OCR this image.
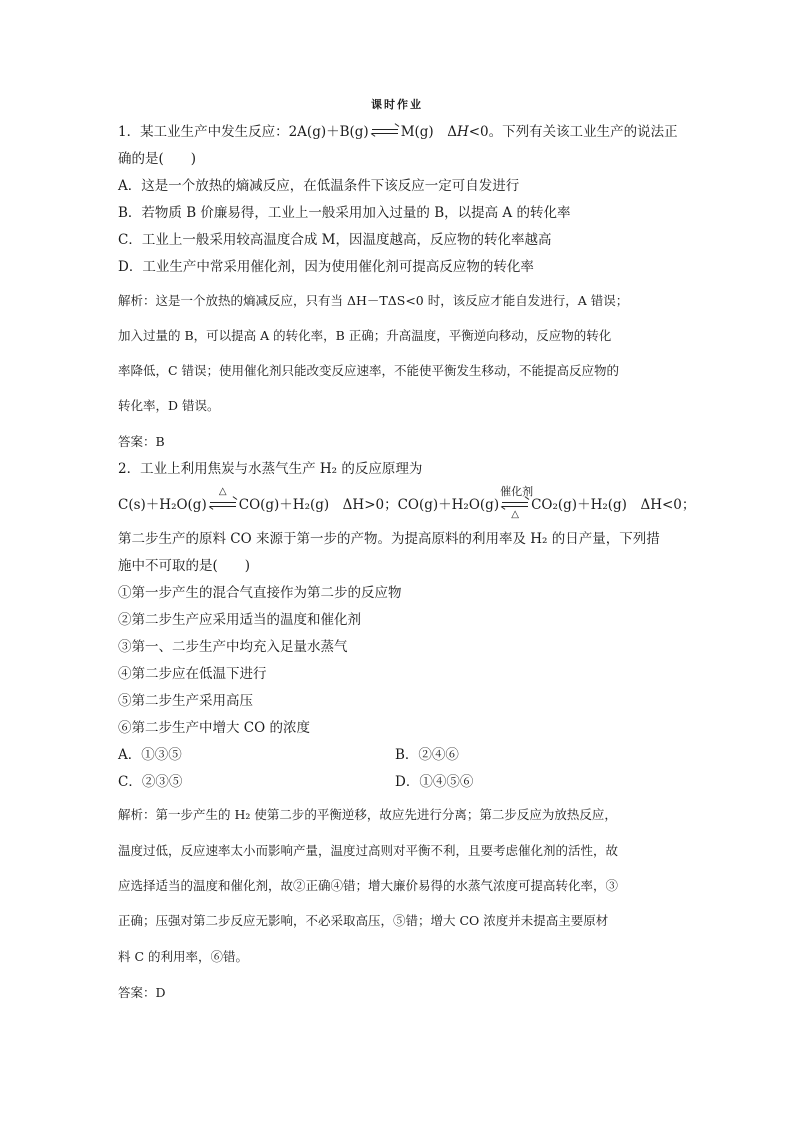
课时作业
1．某工业生产中发生反应：2A(g)＋B(g) M(g)　ΔH<0。下列有关该工业生产的说法正
确的是(　　)
A．这是一个放热的熵减反应，在低温条件下该反应一定可自发进行
B．若物质 B 价廉易得，工业上一般采用加入过量的 B，以提高 A 的转化率
C．工业上一般采用较高温度合成 M，因温度越高，反应物的转化率越高
D．工业生产中常采用催化剂，因为使用催化剂可提高反应物的转化率
解析：这是一个放热的熵减反应，只有当 ΔH－TΔS<0 时，该反应才能自发进行，A 错误；
加入过量的 B，可以提高 A 的转化率，B 正确；升高温度，平衡逆向移动，反应物的转化
率降低，C 错误；使用催化剂只能改变反应速率，不能使平衡发生移动，不能提高反应物的
转化率，D 错误。
答案：B
2．工业上利用焦炭与水蒸气生产 H₂ 的反应原理为
C(s)＋H₂O(g)
△
CO(g)＋H₂(g)　ΔH>0；CO(g)＋H₂O(g)
催化剂
△
CO₂(g)＋H₂(g)　ΔH<0；
第二步生产的原料 CO 来源于第一步的产物。为提高原料的利用率及 H₂ 的日产量，下列措
施中不可取的是(　　)
①第一步产生的混合气直接作为第二步的反应物
②第二步生产应采用适当的温度和催化剂
③第一、二步生产中均充入足量水蒸气
④第二步应在低温下进行
⑤第二步生产采用高压
⑥第二步生产中增大 CO 的浓度
A．①③⑤	B．②④⑥
C．②③⑤	D．①④⑤⑥
解析：第一步产生的 H₂ 使第二步的平衡逆移，故应先进行分离；第二步反应为放热反应，
温度过低，反应速率太小而影响产量，温度过高则对平衡不利，且要考虑催化剂的活性，故
应选择适当的温度和催化剂，故②正确④错；增大廉价易得的水蒸气浓度可提高转化率，③
正确；压强对第二步反应无影响，不必采取高压，⑤错；增大 CO 浓度并未提高主要原材
料 C 的利用率，⑥错。
答案：D
